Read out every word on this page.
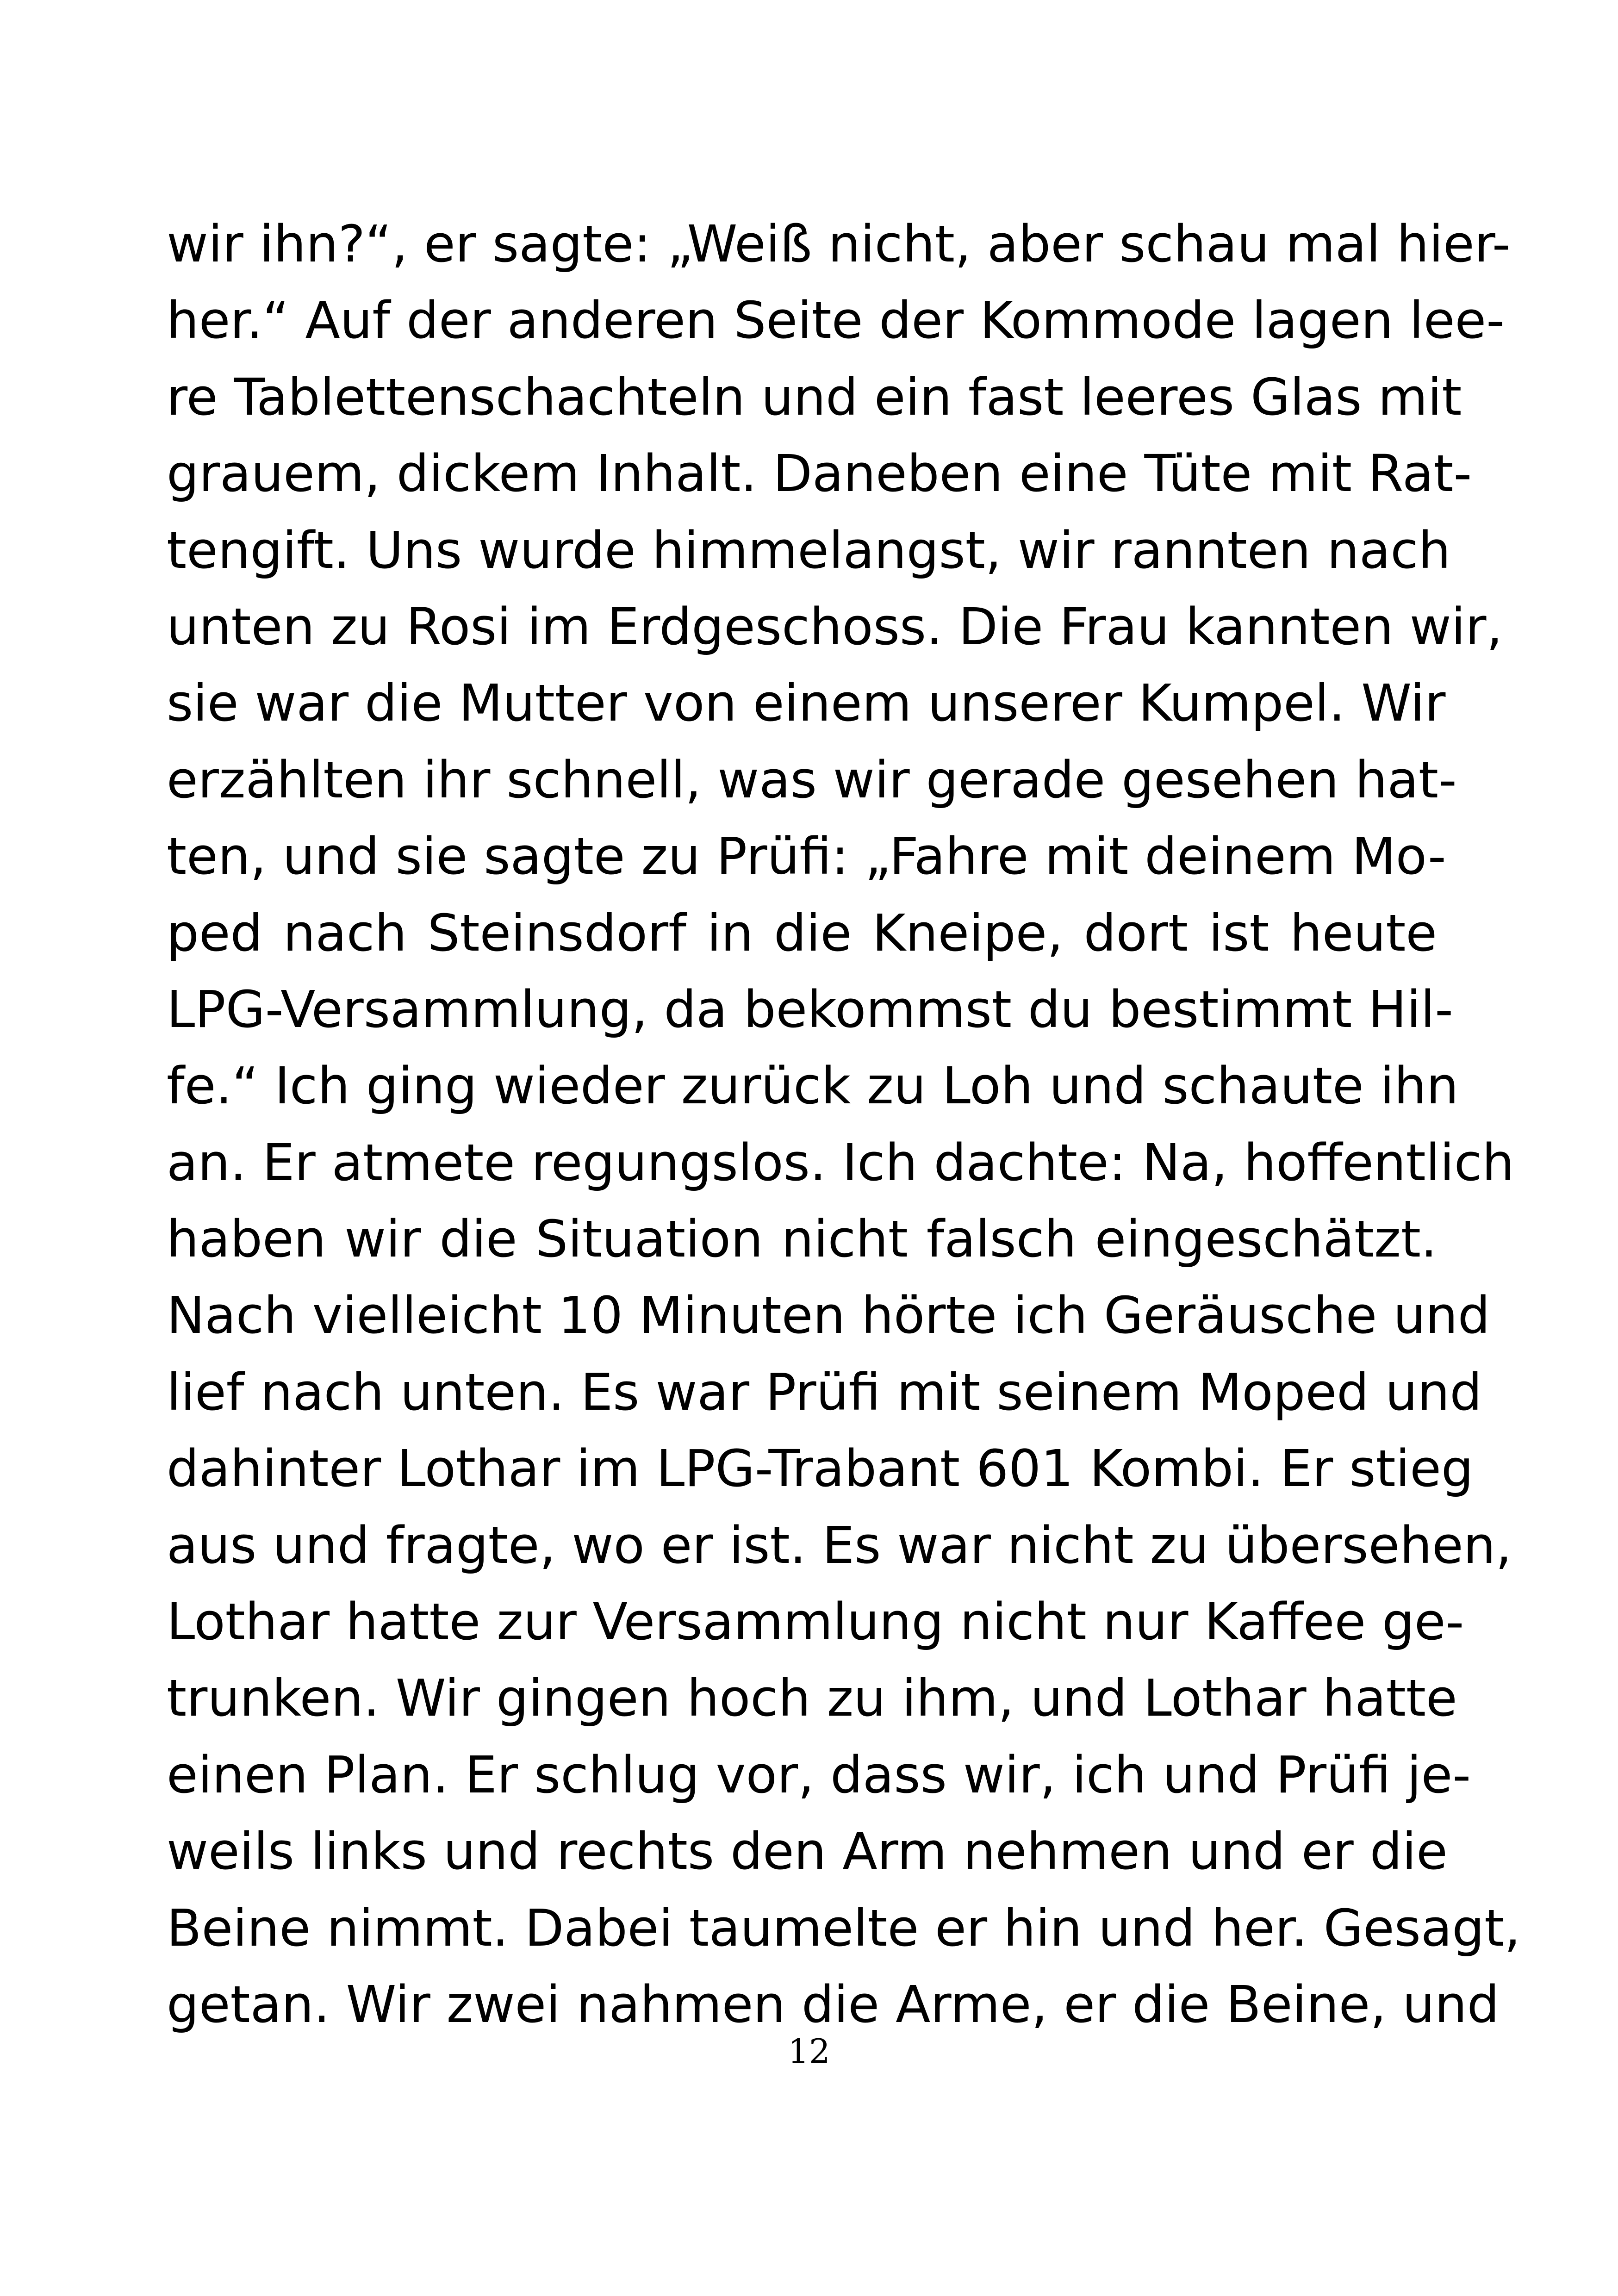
wir ihn?“, er sagte: „Weiß nicht, aber schau mal hier-
her.“ Auf der anderen Seite der Kommode lagen lee-
re Tablettenschachteln und ein fast leeres Glas mit
grauem, dickem Inhalt. Daneben eine Tüte mit Rat-
tengift. Uns wurde himmelangst, wir rannten nach
unten zu Rosi im Erdgeschoss. Die Frau kannten wir,
sie war die Mutter von einem unserer Kumpel. Wir
erzählten ihr schnell, was wir gerade gesehen hat-
ten, und sie sagte zu Prüfi: „Fahre mit deinem Mo-
ped nach Steinsdorf in die Kneipe, dort ist heute
LPG-Versammlung, da bekommst du bestimmt Hil-
fe.“ Ich ging wieder zurück zu Loh und schaute ihn
an. Er atmete regungslos. Ich dachte: Na, hoffentlich
haben wir die Situation nicht falsch eingeschätzt.
Nach vielleicht 10 Minuten hörte ich Geräusche und
lief nach unten. Es war Prüfi mit seinem Moped und
dahinter Lothar im LPG-Trabant 601 Kombi. Er stieg
aus und fragte, wo er ist. Es war nicht zu übersehen,
Lothar hatte zur Versammlung nicht nur Kaffee ge-
trunken. Wir gingen hoch zu ihm, und Lothar hatte
einen Plan. Er schlug vor, dass wir, ich und Prüfi je-
weils links und rechts den Arm nehmen und er die
Beine nimmt. Dabei taumelte er hin und her. Gesagt,
getan. Wir zwei nahmen die Arme, er die Beine, und
12
